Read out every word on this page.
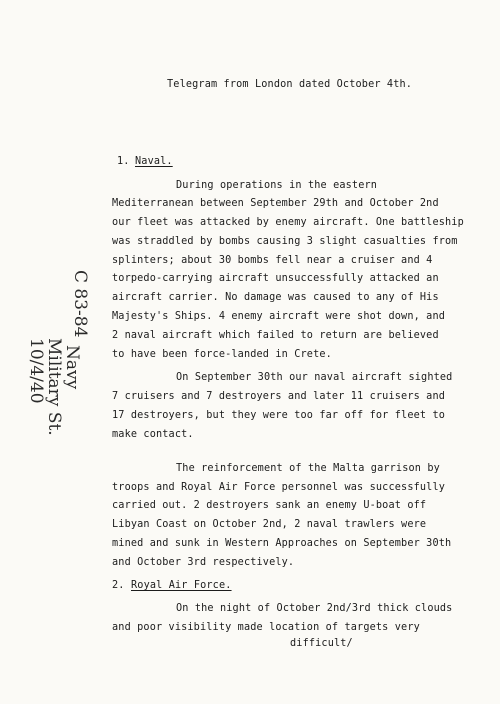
Telegram from London dated October 4th.
1. Naval.
During operations in the eastern
Mediterranean between September 29th and October 2nd
our fleet was attacked by enemy aircraft. One battleship
was straddled by bombs causing 3 slight casualties from
splinters; about 30 bombs fell near a cruiser and 4
torpedo-carrying aircraft unsuccessfully attacked an
aircraft carrier. No damage was caused to any of His
Majesty's Ships. 4 enemy aircraft were shot down, and
2 naval aircraft which failed to return are believed
to have been force-landed in Crete.
On September 30th our naval aircraft sighted
7 cruisers and 7 destroyers and later 11 cruisers and
17 destroyers, but they were too far off for fleet to
make contact.
The reinforcement of the Malta garrison by
troops and Royal Air Force personnel was successfully
carried out. 2 destroyers sank an enemy U-boat off
Libyan Coast on October 2nd, 2 naval trawlers were
mined and sunk in Western Approaches on September 30th
and October 3rd respectively.
2. Royal Air Force.
On the night of October 2nd/3rd thick clouds
and poor visibility made location of targets very
difficult/
10/4/40
Military St.
Navy
C 83-84
